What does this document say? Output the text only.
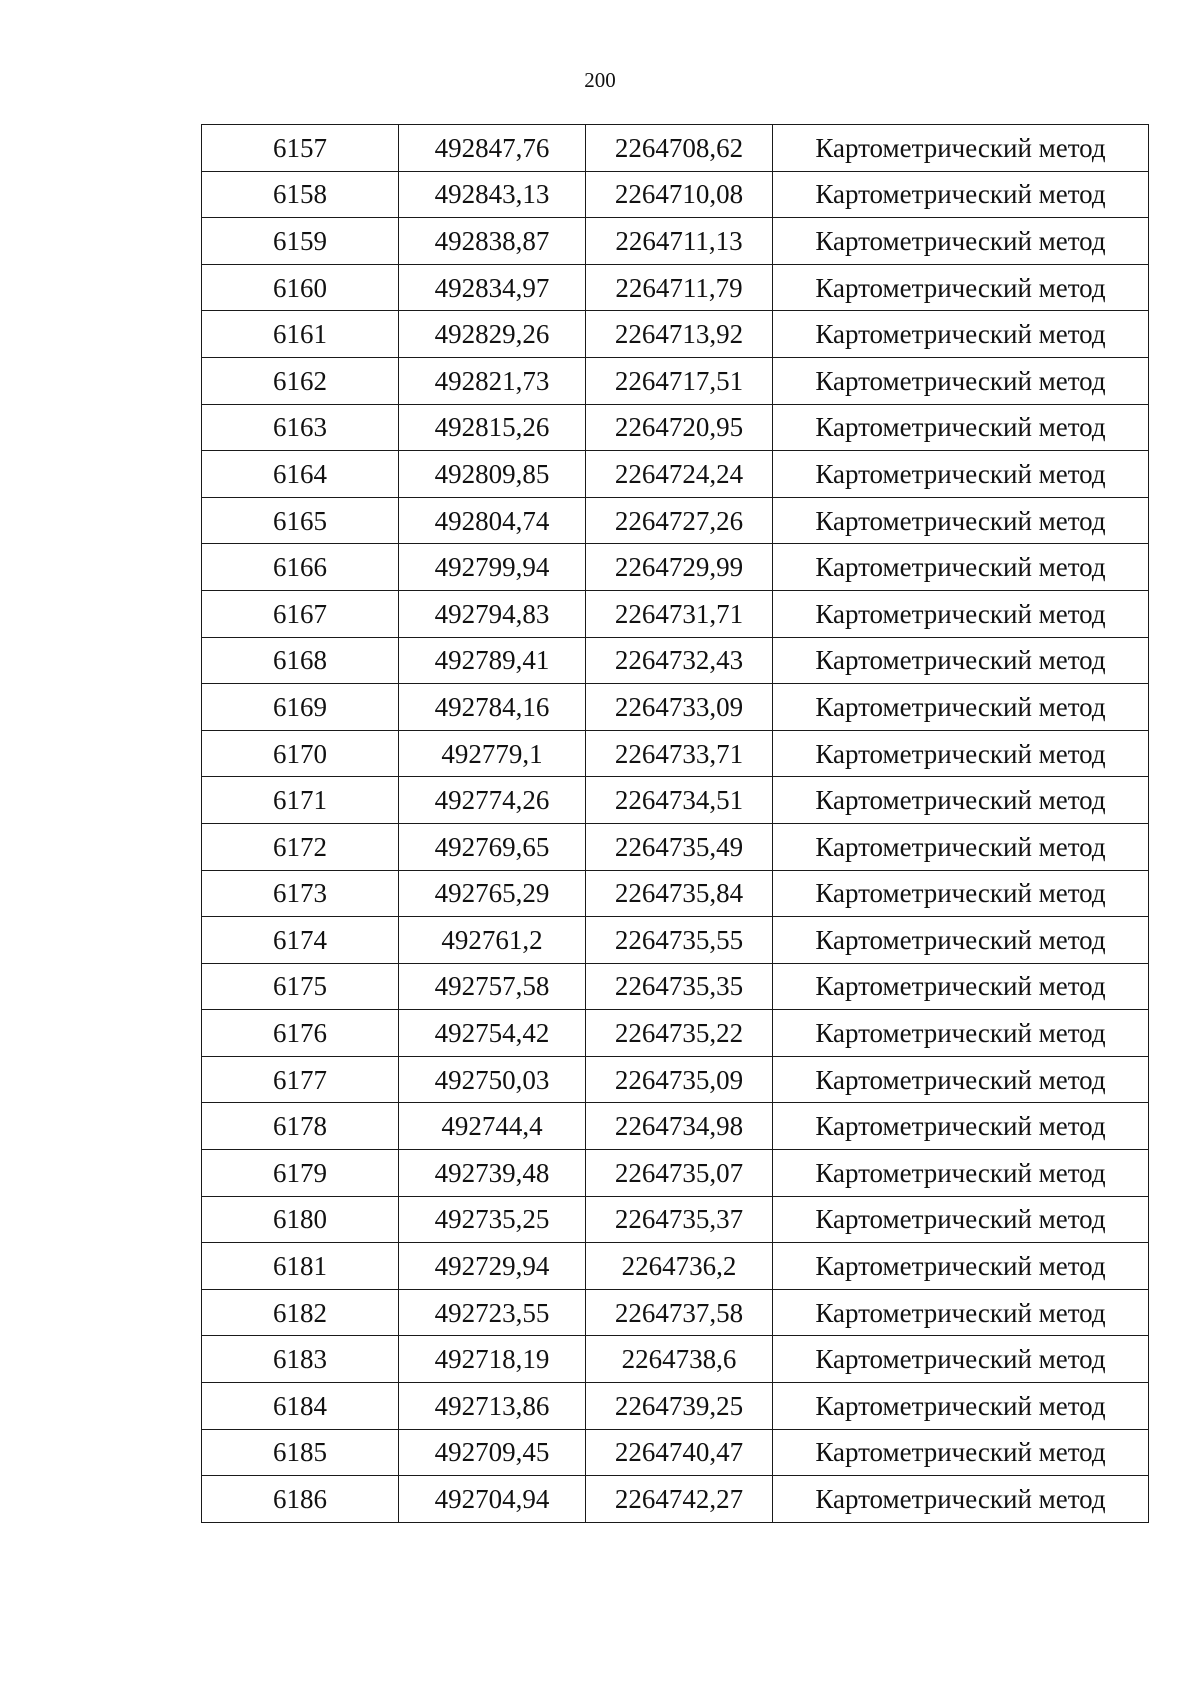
200
6157	492847,76	2264708,62	Картометрический метод
6158	492843,13	2264710,08	Картометрический метод
6159	492838,87	2264711,13	Картометрический метод
6160	492834,97	2264711,79	Картометрический метод
6161	492829,26	2264713,92	Картометрический метод
6162	492821,73	2264717,51	Картометрический метод
6163	492815,26	2264720,95	Картометрический метод
6164	492809,85	2264724,24	Картометрический метод
6165	492804,74	2264727,26	Картометрический метод
6166	492799,94	2264729,99	Картометрический метод
6167	492794,83	2264731,71	Картометрический метод
6168	492789,41	2264732,43	Картометрический метод
6169	492784,16	2264733,09	Картометрический метод
6170	492779,1	2264733,71	Картометрический метод
6171	492774,26	2264734,51	Картометрический метод
6172	492769,65	2264735,49	Картометрический метод
6173	492765,29	2264735,84	Картометрический метод
6174	492761,2	2264735,55	Картометрический метод
6175	492757,58	2264735,35	Картометрический метод
6176	492754,42	2264735,22	Картометрический метод
6177	492750,03	2264735,09	Картометрический метод
6178	492744,4	2264734,98	Картометрический метод
6179	492739,48	2264735,07	Картометрический метод
6180	492735,25	2264735,37	Картометрический метод
6181	492729,94	2264736,2	Картометрический метод
6182	492723,55	2264737,58	Картометрический метод
6183	492718,19	2264738,6	Картометрический метод
6184	492713,86	2264739,25	Картометрический метод
6185	492709,45	2264740,47	Картометрический метод
6186	492704,94	2264742,27	Картометрический метод
